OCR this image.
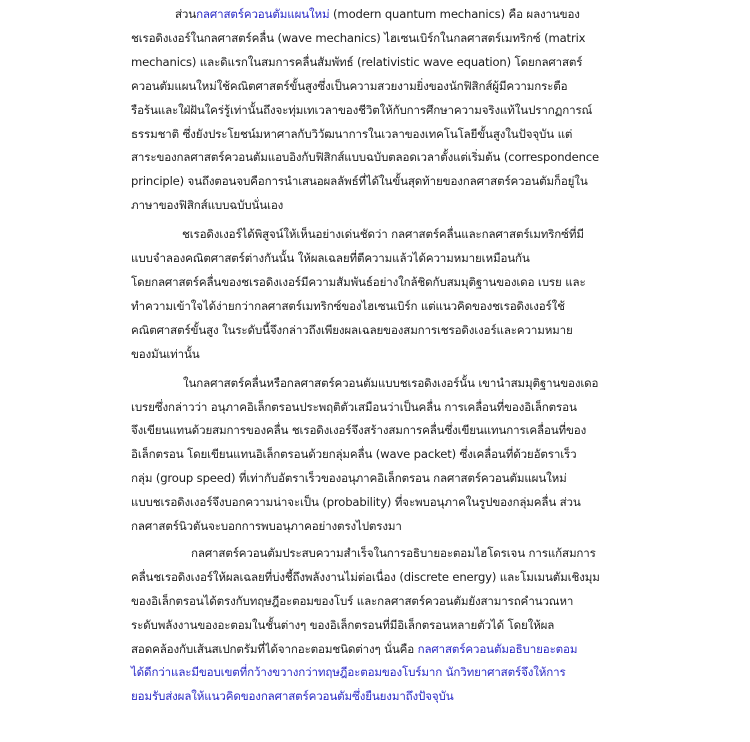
ส่วนกลศาสตร์ควอนตัมแผนใหม่ (modern quantum mechanics) คือ ผลงานของ
ชเรอดิงเงอร์ในกลศาสตร์คลื่น (wave mechanics) ไฮเซนเบิร์กในกลศาสตร์เมทริกซ์ (matrix
mechanics) และดิแรกในสมการคลื่นสัมพัทธ์ (relativistic wave equation) โดยกลศาสตร์
ควอนตัมแผนใหม่ใช้คณิตศาสตร์ขั้นสูงซึ่งเป็นความสวยงามยิ่งของนักฟิสิกส์ผู้มีความกระตือ
รือร้นและใฝ่ฝันใคร่รู้เท่านั้นถึงจะทุ่มเทเวลาของชีวิตให้กับการศึกษาความจริงแท้ในปรากฏการณ์
ธรรมชาติ ซึ่งยังประโยชน์มหาศาลกับวิวัฒนาการในเวลาของเทคโนโลยีขั้นสูงในปัจจุบัน แต่
สาระของกลศาสตร์ควอนตัมแอบอิงกับฟิสิกส์แบบฉบับตลอดเวลาตั้งแต่เริ่มต้น (correspondence
principle) จนถึงตอนจบคือการนำเสนอผลลัพธ์ที่ได้ในขั้นสุดท้ายของกลศาสตร์ควอนตัมก็อยู่ใน
ภาษาของฟิสิกส์แบบฉบับนั่นเอง

ชเรอดิงเงอร์ได้พิสูจน์ให้เห็นอย่างเด่นชัดว่า กลศาสตร์คลื่นและกลศาสตร์เมทริกซ์ที่มี
แบบจำลองคณิตศาสตร์ต่างกันนั้น ให้ผลเฉลยที่ตีความแล้วได้ความหมายเหมือนกัน
โดยกลศาสตร์คลื่นของชเรอดิงเงอร์มีความสัมพันธ์อย่างใกล้ชิดกับสมมุติฐานของเดอ เบรย และ
ทำความเข้าใจได้ง่ายกว่ากลศาสตร์เมทริกซ์ของไฮเซนเบิร์ก แต่แนวคิดของชเรอดิงเงอร์ใช้
คณิตศาสตร์ขั้นสูง ในระดับนี้จึงกล่าวถึงเพียงผลเฉลยของสมการเชรอดิงเงอร์และความหมาย
ของมันเท่านั้น

ในกลศาสตร์คลื่นหรือกลศาสตร์ควอนตัมแบบชเรอดิงเงอร์นั้น เขานำสมมุติฐานของเดอ
เบรยซึ่งกล่าวว่า อนุภาคอิเล็กตรอนประพฤติตัวเสมือนว่าเป็นคลื่น การเคลื่อนที่ของอิเล็กตรอน
จึงเขียนแทนด้วยสมการของคลื่น ชเรอดิงเงอร์จึงสร้างสมการคลื่นซึ่งเขียนแทนการเคลื่อนที่ของ
อิเล็กตรอน โดยเขียนแทนอิเล็กตรอนด้วยกลุ่มคลื่น (wave packet) ซึ่งเคลื่อนที่ด้วยอัตราเร็ว
กลุ่ม (group speed) ที่เท่ากับอัตราเร็วของอนุภาคอิเล็กตรอน กลศาสตร์ควอนตัมแผนใหม่
แบบชเรอดิงเงอร์จึงบอกความน่าจะเป็น (probability) ที่จะพบอนุภาคในรูปของกลุ่มคลื่น ส่วน
กลศาสตร์นิวตันจะบอกการพบอนุภาคอย่างตรงไปตรงมา

กลศาสตร์ควอนตัมประสบความสำเร็จในการอธิบายอะตอมไฮโดรเจน การแก้สมการ
คลื่นชเรอดิงเงอร์ให้ผลเฉลยที่บ่งชี้ถึงพลังงานไม่ต่อเนื่อง (discrete energy) และโมเมนตัมเชิงมุม
ของอิเล็กตรอนได้ตรงกับทฤษฎีอะตอมของโบร์ และกลศาสตร์ควอนตัมยังสามารถคำนวณหา
ระดับพลังงานของอะตอมในชั้นต่างๆ ของอิเล็กตรอนที่มีอิเล็กตรอนหลายตัวได้ โดยให้ผล
สอดคล้องกับเส้นสเปกตรัมที่ได้จากอะตอมชนิดต่างๆ นั่นคือ กลศาสตร์ควอนตัมอธิบายอะตอม
ได้ดีกว่าและมีขอบเขตที่กว้างขวางกว่าทฤษฎีอะตอมของโบร์มาก นักวิทยาศาสตร์จึงให้การ
ยอมรับส่งผลให้แนวคิดของกลศาสตร์ควอนตัมซึ่งยืนยงมาถึงปัจจุบัน
